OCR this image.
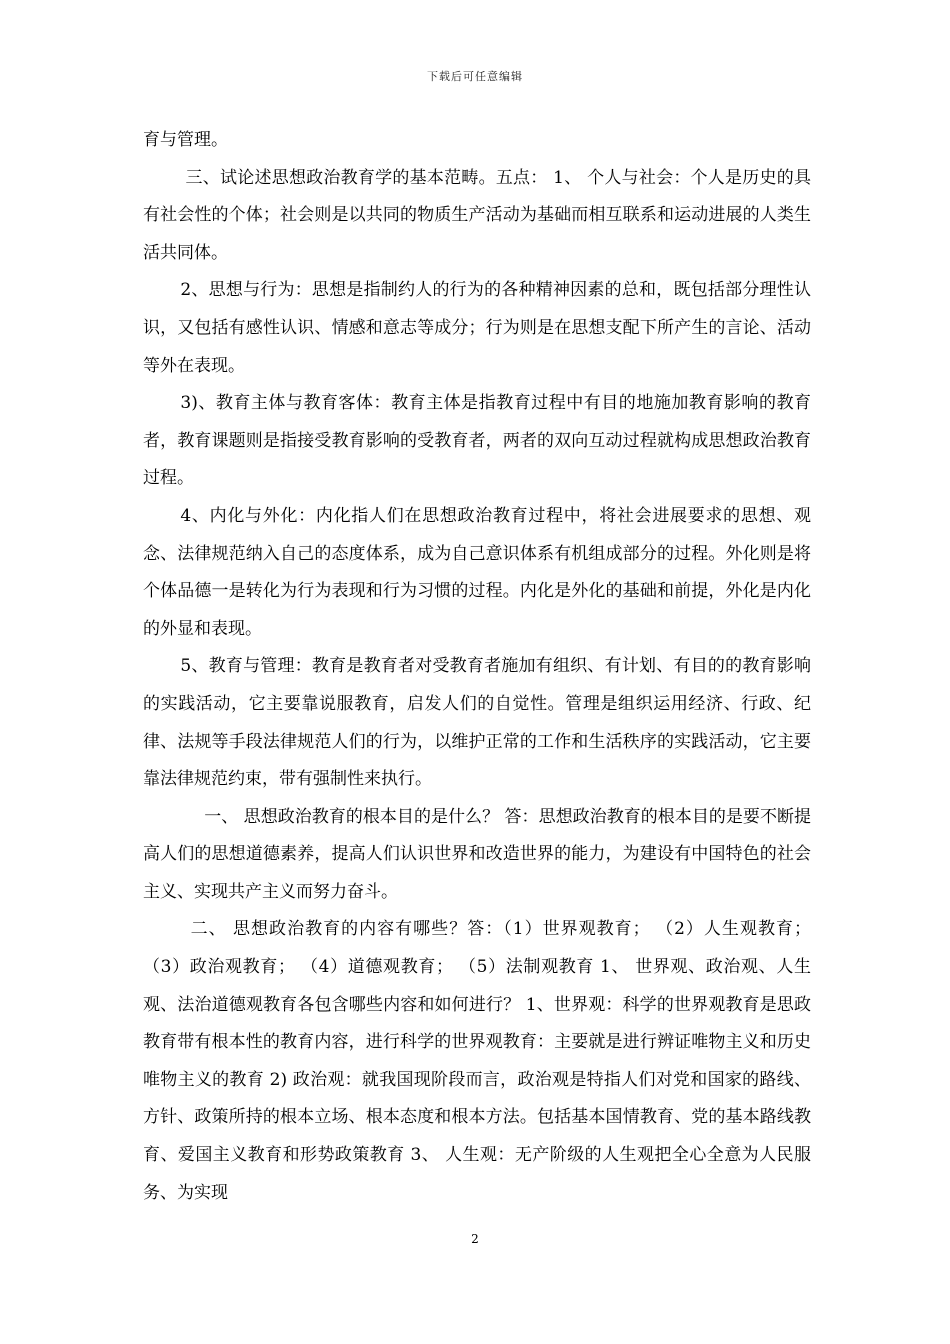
下载后可任意编辑

育与管理。

三、试论述思想政治教育学的基本范畴。五点： 1、 个人与社会：个人是历史的具有社会性的个体；社会则是以共同的物质生产活动为基础而相互联系和运动进展的人类生活共同体。

2、思想与行为：思想是指制约人的行为的各种精神因素的总和，既包括部分理性认识，又包括有感性认识、情感和意志等成分；行为则是在思想支配下所产生的言论、活动等外在表现。

3)、教育主体与教育客体：教育主体是指教育过程中有目的地施加教育影响的教育者，教育课题则是指接受教育影响的受教育者，两者的双向互动过程就构成思想政治教育过程。

4、内化与外化：内化指人们在思想政治教育过程中，将社会进展要求的思想、观念、法律规范纳入自己的态度体系，成为自己意识体系有机组成部分的过程。外化则是将个体品德一是转化为行为表现和行为习惯的过程。内化是外化的基础和前提，外化是内化的外显和表现。

5、教育与管理：教育是教育者对受教育者施加有组织、有计划、有目的的教育影响的实践活动，它主要靠说服教育，启发人们的自觉性。管理是组织运用经济、行政、纪律、法规等手段法律规范人们的行为，以维护正常的工作和生活秩序的实践活动，它主要靠法律规范约束，带有强制性来执行。

一、 思想政治教育的根本目的是什么？ 答：思想政治教育的根本目的是要不断提高人们的思想道德素养，提高人们认识世界和改造世界的能力，为建设有中国特色的社会主义、实现共产主义而努力奋斗。

二、 思想政治教育的内容有哪些？答：（1）世界观教育； （2）人生观教育； （3）政治观教育； （4）道德观教育； （5）法制观教育 1、 世界观、政治观、人生观、法治道德观教育各包含哪些内容和如何进行？ 1、世界观：科学的世界观教育是思政教育带有根本性的教育内容，进行科学的世界观教育：主要就是进行辨证唯物主义和历史唯物主义的教育 2) 政治观：就我国现阶段而言，政治观是特指人们对党和国家的路线、方针、政策所持的根本立场、根本态度和根本方法。包括基本国情教育、党的基本路线教育、爱国主义教育和形势政策教育 3、 人生观：无产阶级的人生观把全心全意为人民服务、为实现

2
